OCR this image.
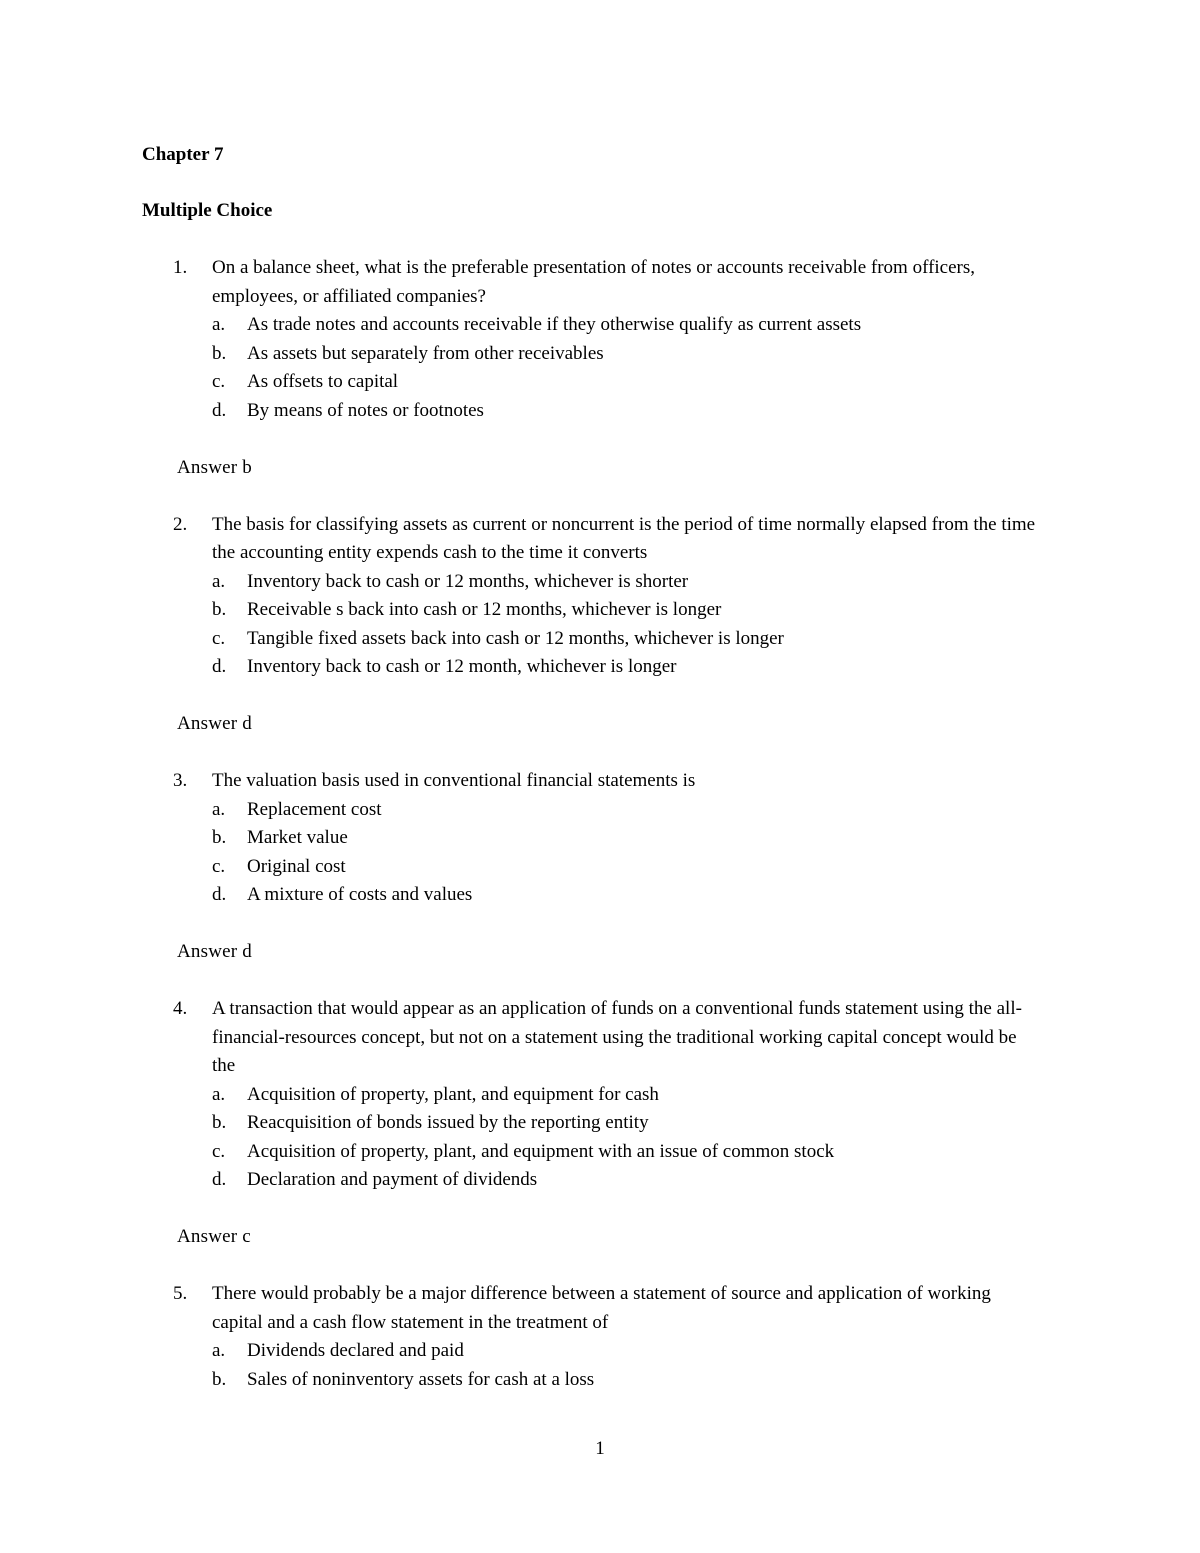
Chapter 7
Multiple Choice
1. On a balance sheet, what is the preferable presentation of notes or accounts receivable from officers, employees, or affiliated companies?
a. As trade notes and accounts receivable if they otherwise qualify as current assets
b. As assets but separately from other receivables
c. As offsets to capital
d. By means of notes or footnotes
Answer b
2. The basis for classifying assets as current or noncurrent is the period of time normally elapsed from the time the accounting entity expends cash to the time it converts
a. Inventory back to cash or 12 months, whichever is shorter
b. Receivable s back into cash or 12 months, whichever is longer
c. Tangible fixed assets back into cash or 12 months, whichever is longer
d. Inventory back to cash or 12 month, whichever is longer
Answer d
3. The valuation basis used in conventional financial statements is
a. Replacement cost
b. Market value
c. Original cost
d. A mixture of costs and values
Answer d
4. A transaction that would appear as an application of funds on a conventional funds statement using the all-financial-resources concept, but not on a statement using the traditional working capital concept would be the
a. Acquisition of property, plant, and equipment for cash
b. Reacquisition of bonds issued by the reporting entity
c. Acquisition of property, plant, and equipment with an issue of common stock
d. Declaration and payment of dividends
Answer c
5. There would probably be a major difference between a statement of source and application of working capital and a cash flow statement in the treatment of
a. Dividends declared and paid
b. Sales of noninventory assets for cash at a loss
1
